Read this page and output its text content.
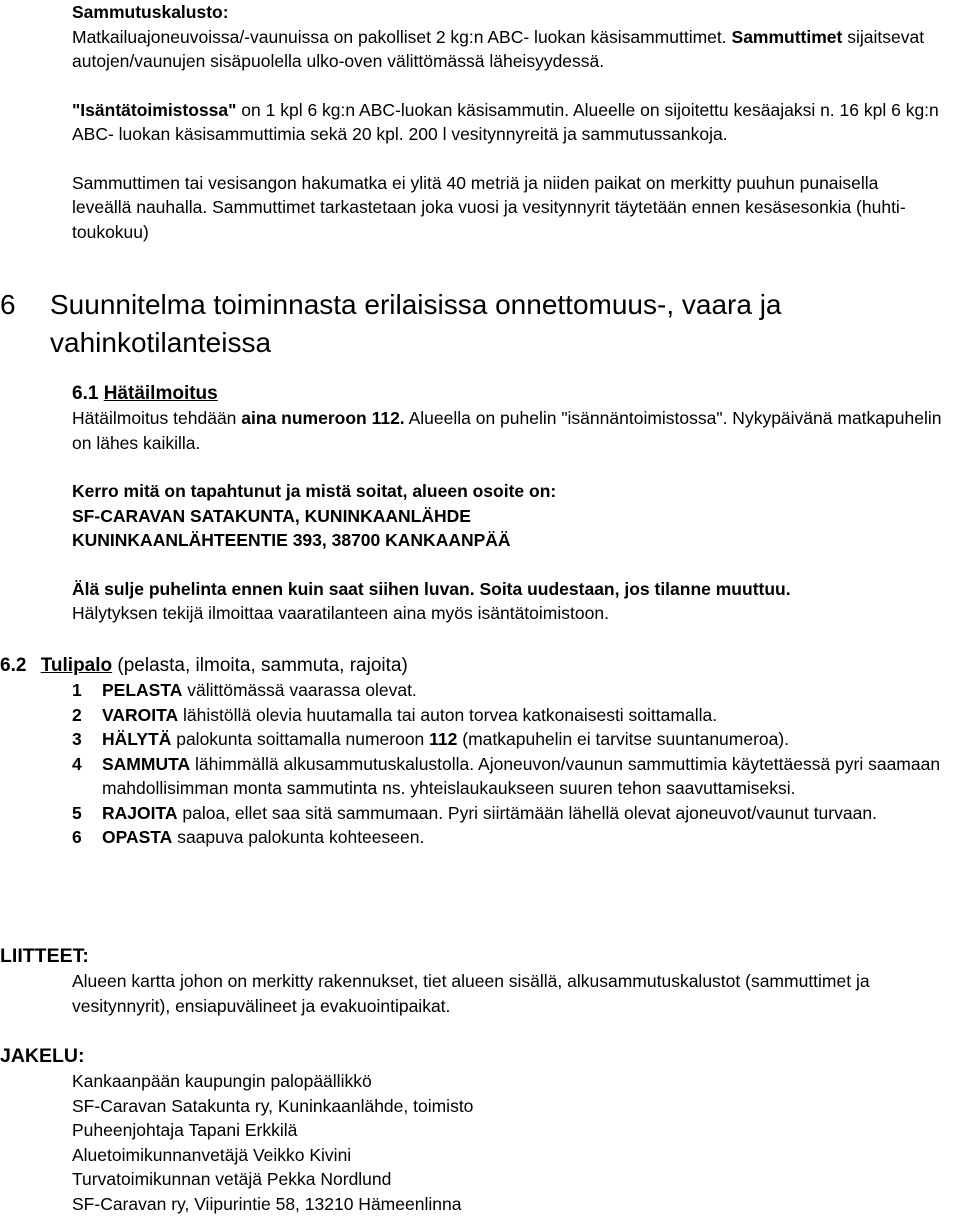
Sammutuskalusto:

Matkailuajoneuvoissa/-vaunuissa on pakolliset 2 kg:n ABC- luokan käsisammuttimet. Sammuttimet sijaitsevat autojen/vaunujen sisäpuolella ulko-oven välittömässä läheisyydessä.

"Isäntätoimistossa" on 1 kpl 6 kg:n ABC-luokan käsisammutin. Alueelle on sijoitettu kesäajaksi n. 16 kpl 6 kg:n ABC- luokan käsisammuttimia sekä 20 kpl. 200 l vesitynnyreitä ja sammutussankoja.

Sammuttimen tai vesisangon hakumatka ei ylitä 40 metriä ja niiden paikat on merkitty puuhun punaisella leveällä nauhalla. Sammuttimet tarkastetaan joka vuosi ja vesitynnyrit täytetään ennen kesäsesonkia (huhti-toukokuu)

6	Suunnitelma toiminnasta erilaisissa onnettomuus-, vaara ja vahinkotilanteissa

6.1 Hätäilmoitus

Hätäilmoitus tehdään aina numeroon 112. Alueella on puhelin "isännäntoimistossa". Nykypäivänä matkapuhelin on lähes kaikilla.

Kerro mitä on tapahtunut ja mistä soitat, alueen osoite on:

SF-CARAVAN SATAKUNTA, KUNINKAANLÄHDE

KUNINKAANLÄHTEENTIE 393, 38700 KANKAANPÄÄ

Älä sulje puhelinta ennen kuin saat siihen luvan. Soita uudestaan, jos tilanne muuttuu.

Hälytyksen tekijä ilmoittaa vaaratilanteen aina myös isäntätoimistoon.

6.2 Tulipalo (pelasta, ilmoita, sammuta, rajoita)

1	PELASTA välittömässä vaarassa olevat.

2	VAROITA lähistöllä olevia huutamalla tai auton torvea katkonaisesti soittamalla.

3	HÄLYTÄ palokunta soittamalla numeroon 112 (matkapuhelin ei tarvitse suuntanumeroa).

4	SAMMUTA lähimmällä alkusammutuskalustolla. Ajoneuvon/vaunun sammuttimia käytettäessä pyri saamaan mahdollisimman monta sammutinta ns. yhteislaukaukseen suuren tehon saavuttamiseksi.

5	RAJOITA paloa, ellet saa sitä sammumaan. Pyri siirtämään lähellä olevat ajoneuvot/vaunut turvaan.

6	OPASTA saapuva palokunta kohteeseen.

LIITTEET:

Alueen kartta johon on merkitty rakennukset, tiet alueen sisällä, alkusammutuskalustot (sammuttimet ja vesitynnyrit), ensiapuvälineet ja evakuointipaikat.

JAKELU:

Kankaanpään kaupungin palopäällikkö

SF-Caravan Satakunta ry, Kuninkaanlähde, toimisto

Puheenjohtaja Tapani Erkkilä

Aluetoimikunnanvetäjä Veikko Kivini

Turvatoimikunnan vetäjä Pekka Nordlund

SF-Caravan ry, Viipurintie 58, 13210 Hämeenlinna
